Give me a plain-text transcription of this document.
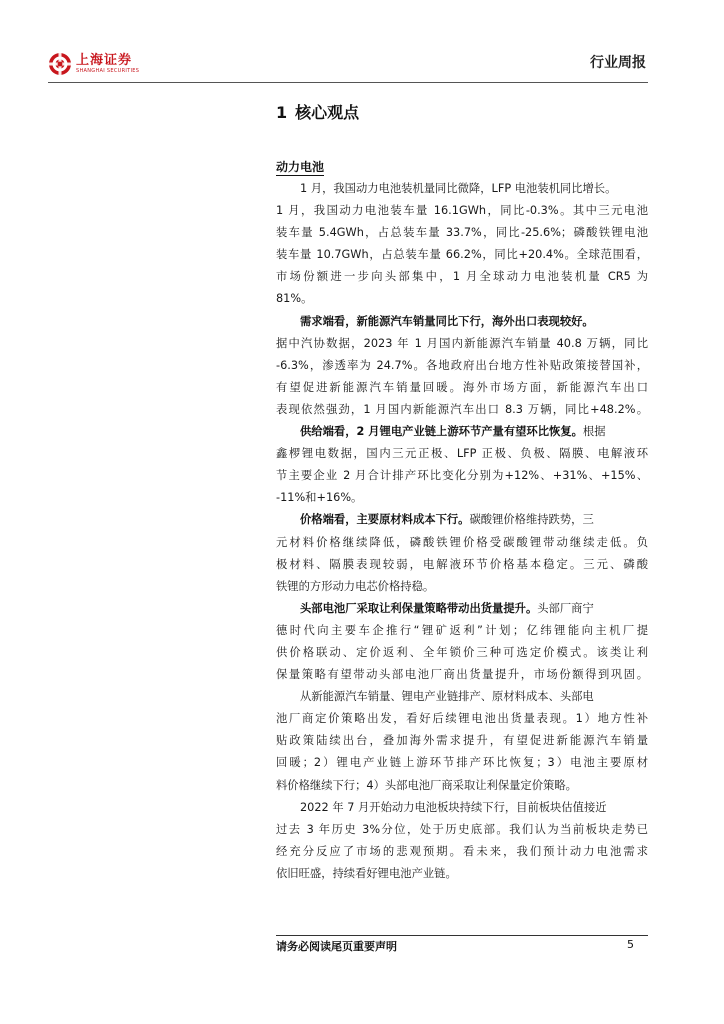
上海证券
SHANGHAI SECURITIES	行业周报
1 核心观点
动力电池
1 月，我国动力电池装机量同比微降，LFP 电池装机同比增长。
1 月，我国动力电池装车量 16.1GWh，同比-0.3%。其中三元电池
装车量 5.4GWh，占总装车量 33.7%，同比-25.6%；磷酸铁锂电池
装车量 10.7GWh，占总装车量 66.2%，同比+20.4%。全球范围看，
市场份额进一步向头部集中，1 月全球动力电池装机量 CR5 为
81%。
需求端看，新能源汽车销量同比下行，海外出口表现较好。
据中汽协数据，2023 年 1 月国内新能源汽车销量 40.8 万辆，同比
-6.3%，渗透率为 24.7%。各地政府出台地方性补贴政策接替国补，
有望促进新能源汽车销量回暖。海外市场方面，新能源汽车出口
表现依然强劲，1 月国内新能源汽车出口 8.3 万辆，同比+48.2%。
供给端看，2 月锂电产业链上游环节产量有望环比恢复。根据
鑫椤锂电数据，国内三元正极、LFP 正极、负极、隔膜、电解液环
节主要企业 2 月合计排产环比变化分别为+12%、+31%、+15%、
-11%和+16%。
价格端看，主要原材料成本下行。碳酸锂价格维持跌势，三
元材料价格继续降低，磷酸铁锂价格受碳酸锂带动继续走低。负
极材料、隔膜表现较弱，电解液环节价格基本稳定。三元、磷酸
铁锂的方形动力电芯价格持稳。
头部电池厂采取让利保量策略带动出货量提升。头部厂商宁
德时代向主要车企推行“锂矿返利”计划；亿纬锂能向主机厂提
供价格联动、定价返利、全年锁价三种可选定价模式。该类让利
保量策略有望带动头部电池厂商出货量提升，市场份额得到巩固。
从新能源汽车销量、锂电产业链排产、原材料成本、头部电
池厂商定价策略出发，看好后续锂电池出货量表现。1）地方性补
贴政策陆续出台，叠加海外需求提升，有望促进新能源汽车销量
回暖；2）锂电产业链上游环节排产环比恢复；3）电池主要原材
料价格继续下行；4）头部电池厂商采取让利保量定价策略。
2022 年 7 月开始动力电池板块持续下行，目前板块估值接近
过去 3 年历史 3%分位，处于历史底部。我们认为当前板块走势已
经充分反应了市场的悲观预期。看未来，我们预计动力电池需求
依旧旺盛，持续看好锂电池产业链。
请务必阅读尾页重要声明	5
